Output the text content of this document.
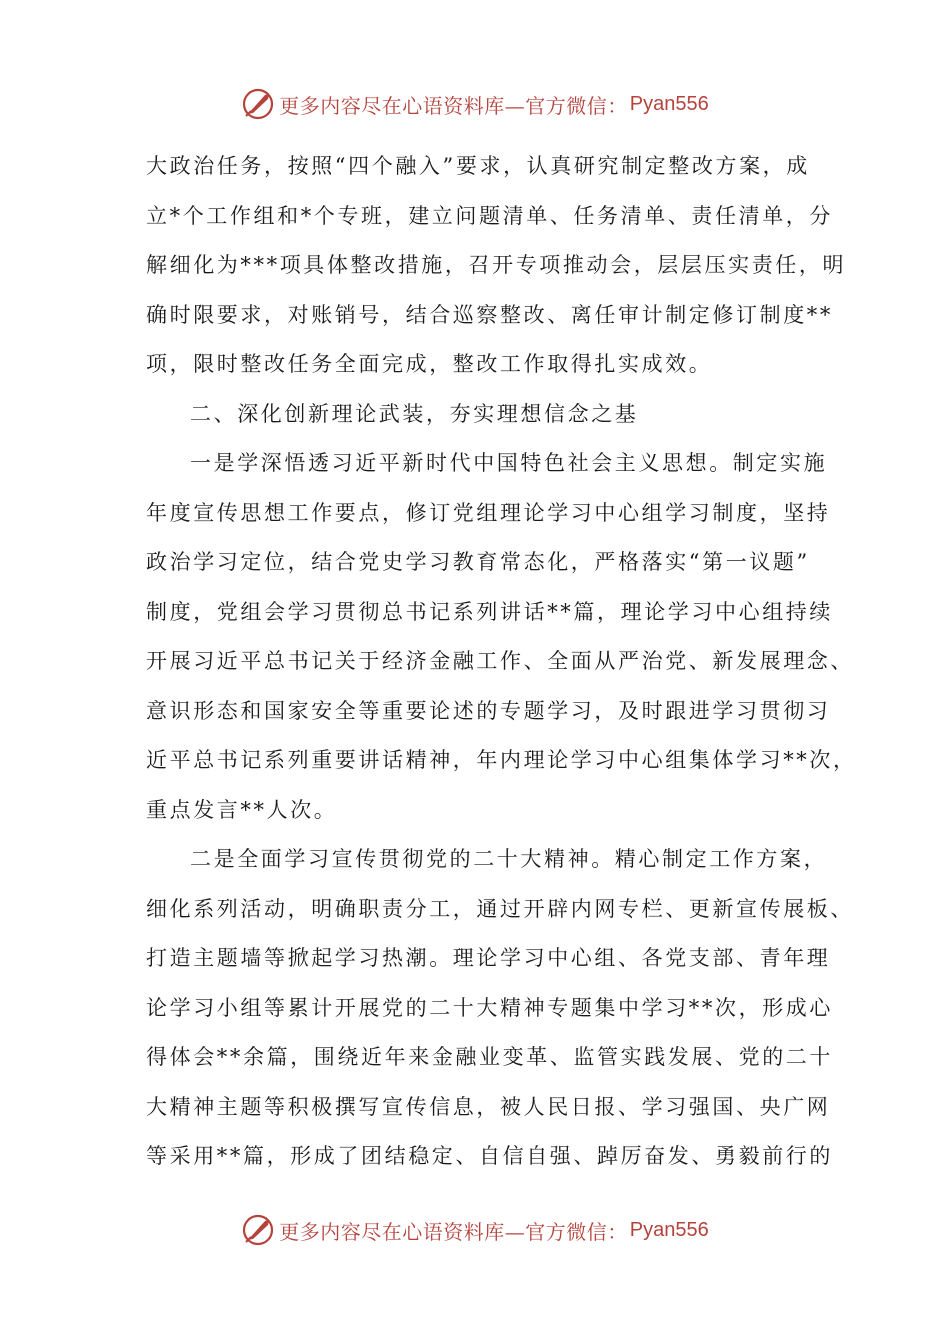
更多内容尽在心语资料库—官方微信： Pyan556
大政治任务，按照“四个融入”要求，认真研究制定整改方案，成
立*个工作组和*个专班，建立问题清单、任务清单、责任清单，分
解细化为***项具体整改措施，召开专项推动会，层层压实责任，明
确时限要求，对账销号，结合巡察整改、离任审计制定修订制度**
项，限时整改任务全面完成，整改工作取得扎实成效。
二、深化创新理论武装，夯实理想信念之基
一是学深悟透习近平新时代中国特色社会主义思想。制定实施
年度宣传思想工作要点，修订党组理论学习中心组学习制度，坚持
政治学习定位，结合党史学习教育常态化，严格落实“第一议题”
制度，党组会学习贯彻总书记系列讲话**篇，理论学习中心组持续
开展习近平总书记关于经济金融工作、全面从严治党、新发展理念、
意识形态和国家安全等重要论述的专题学习，及时跟进学习贯彻习
近平总书记系列重要讲话精神，年内理论学习中心组集体学习**次，
重点发言**人次。
二是全面学习宣传贯彻党的二十大精神。精心制定工作方案，
细化系列活动，明确职责分工，通过开辟内网专栏、更新宣传展板、
打造主题墙等掀起学习热潮。理论学习中心组、各党支部、青年理
论学习小组等累计开展党的二十大精神专题集中学习**次，形成心
得体会**余篇，围绕近年来金融业变革、监管实践发展、党的二十
大精神主题等积极撰写宣传信息，被人民日报、学习强国、央广网
等采用**篇，形成了团结稳定、自信自强、踔厉奋发、勇毅前行的
更多内容尽在心语资料库—官方微信： Pyan556
